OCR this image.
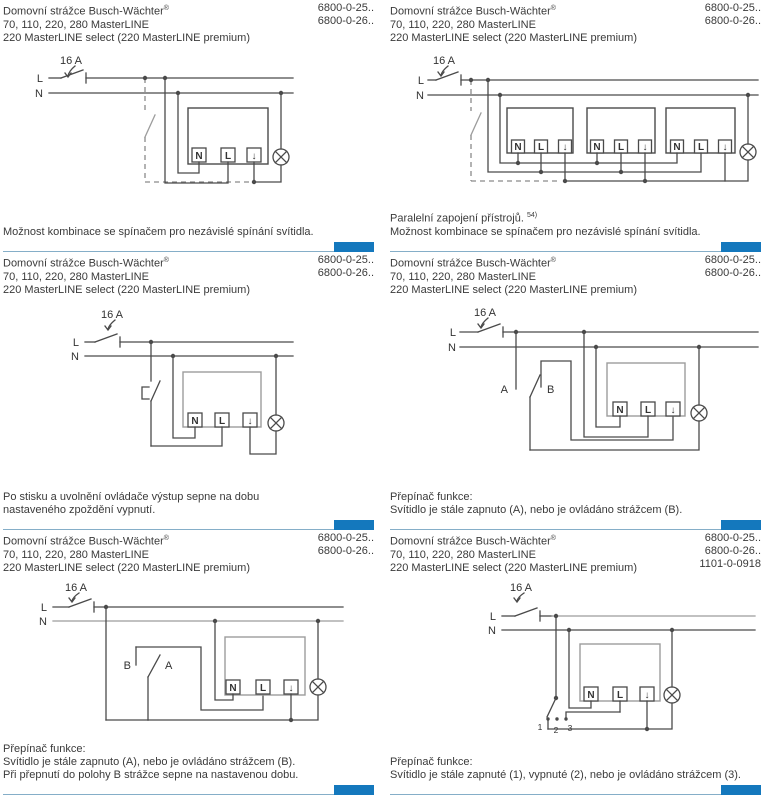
Domovní strážce Busch-Wächter®
70, 110, 220, 280 MasterLINE
220 MasterLINE select (220 MasterLINE premium)
6800-0-25..
6800-0-26..
16 A
L
N
N L ↓
Možnost kombinace se spínačem pro nezávislé spínání svítidla.
Domovní strážce Busch-Wächter®
70, 110, 220, 280 MasterLINE
220 MasterLINE select (220 MasterLINE premium)
6800-0-25..
6800-0-26..
16 A
L
N
N L ↓	N L ↓	N L ↓
Paralelní zapojení přístrojů. $^{54)}$
Možnost kombinace se spínačem pro nezávislé spínání svítidla.
Domovní strážce Busch-Wächter®
70, 110, 220, 280 MasterLINE
220 MasterLINE select (220 MasterLINE premium)
6800-0-25..
6800-0-26..
16 A
L
N
N L ↓
Po stisku a uvolnění ovládače výstup sepne na dobu
nastaveného zpoždění vypnutí.
Domovní strážce Busch-Wächter®
70, 110, 220, 280 MasterLINE
220 MasterLINE select (220 MasterLINE premium)
6800-0-25..
6800-0-26..
16 A
L
N
A	B
N L ↓
Přepínač funkce:
Svítidlo je stále zapnuto (A), nebo je ovládáno strážcem (B).
Domovní strážce Busch-Wächter®
70, 110, 220, 280 MasterLINE
220 MasterLINE select (220 MasterLINE premium)
6800-0-25..
6800-0-26..
16 A
L
N
B	A
N L ↓
Přepínač funkce:
Svítidlo je stále zapnuto (A), nebo je ovládáno strážcem (B).
Při přepnutí do polohy B strážce sepne na nastavenou dobu.
Domovní strážce Busch-Wächter®
70, 110, 220, 280 MasterLINE
220 MasterLINE select (220 MasterLINE premium)
6800-0-25..
6800-0-26..
1101-0-0918
16 A
L
N
1 2 3
N L ↓
Přepínač funkce:
Svítidlo je stále zapnuté (1), vypnuté (2), nebo je ovládáno strážcem (3).
